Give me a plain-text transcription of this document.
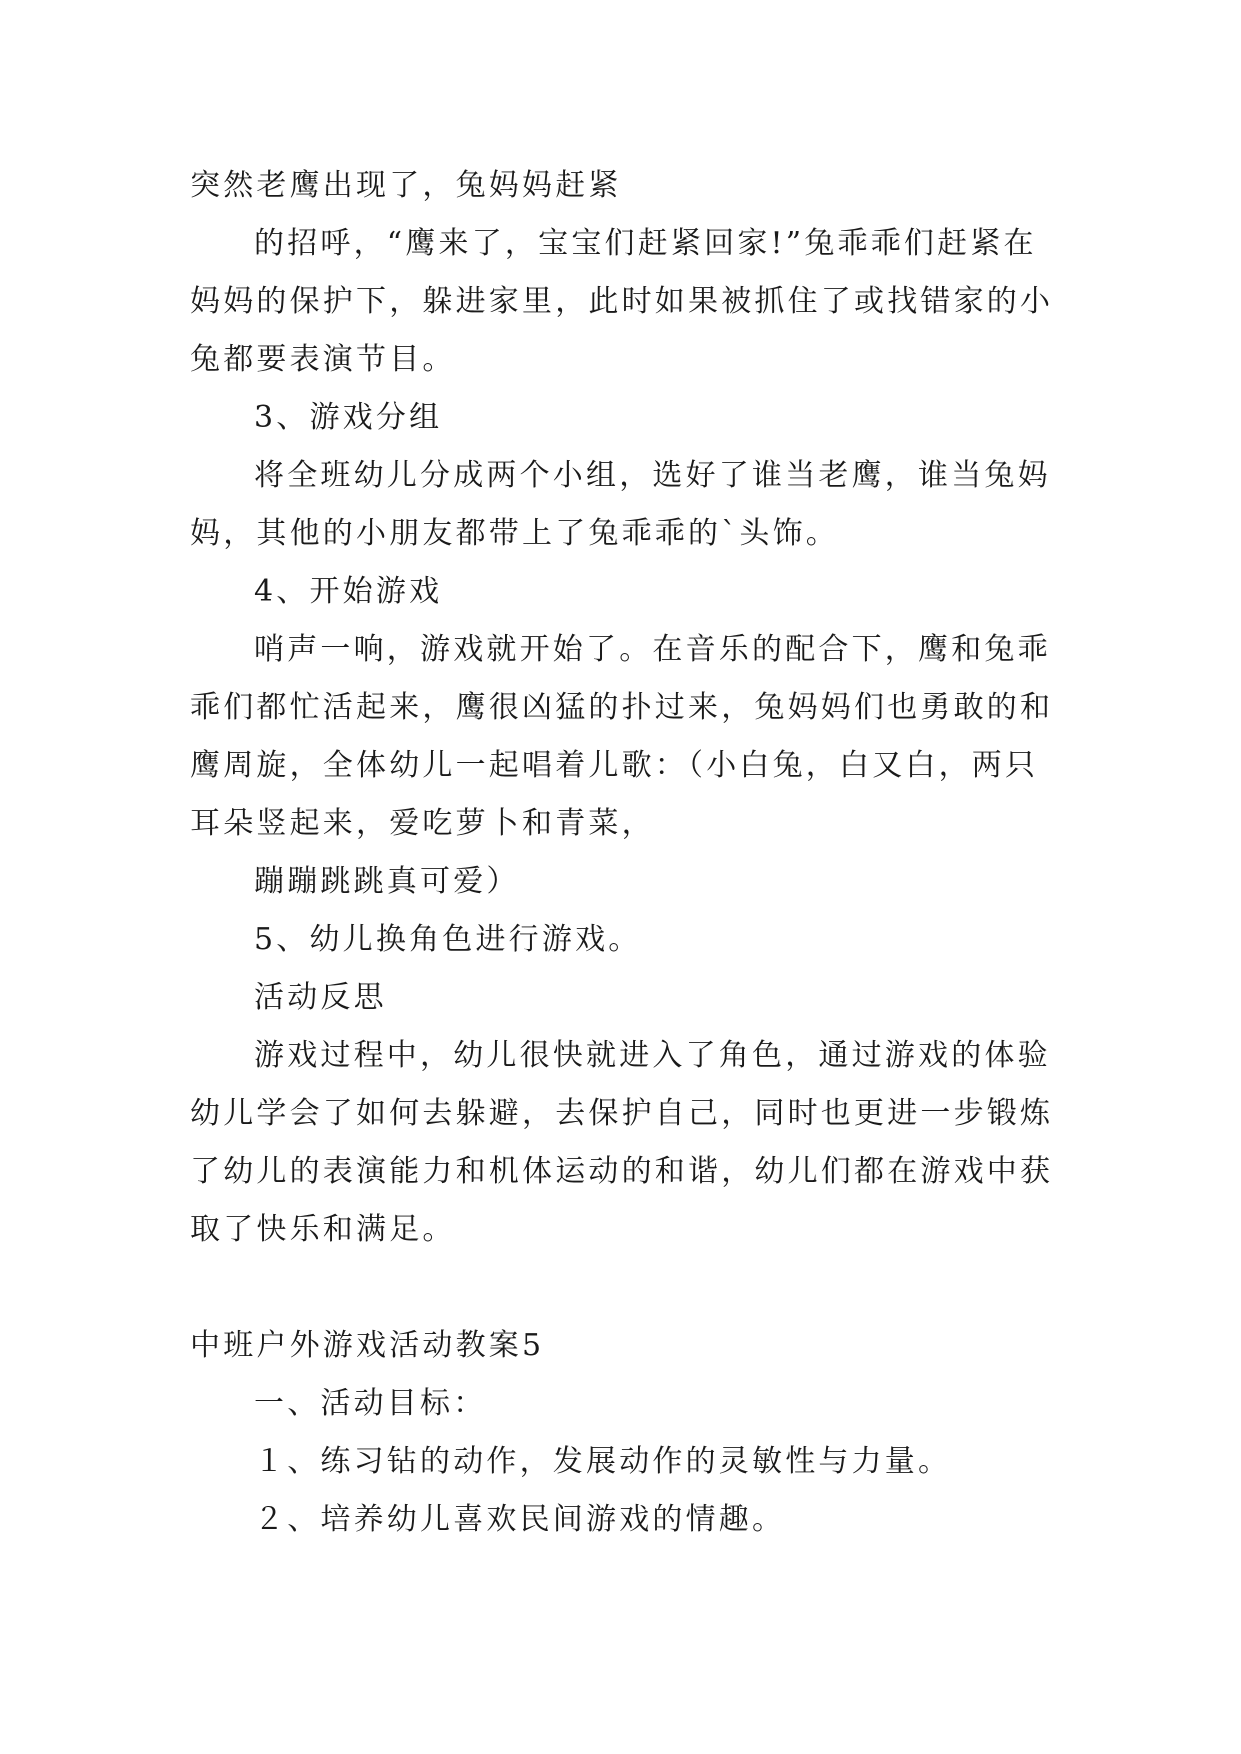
突然老鹰出现了，兔妈妈赶紧
的招呼，“鹰来了，宝宝们赶紧回家!”兔乖乖们赶紧在
妈妈的保护下，躲进家里，此时如果被抓住了或找错家的小
兔都要表演节目。
3、游戏分组
将全班幼儿分成两个小组，选好了谁当老鹰，谁当兔妈
妈，其他的小朋友都带上了兔乖乖的`头饰。
4、开始游戏
哨声一响，游戏就开始了。在音乐的配合下，鹰和兔乖
乖们都忙活起来，鹰很凶猛的扑过来，兔妈妈们也勇敢的和
鹰周旋，全体幼儿一起唱着儿歌：（小白兔，白又白，两只
耳朵竖起来，爱吃萝卜和青菜，
蹦蹦跳跳真可爱）
5、幼儿换角色进行游戏。
活动反思
游戏过程中，幼儿很快就进入了角色，通过游戏的体验
幼儿学会了如何去躲避，去保护自己，同时也更进一步锻炼
了幼儿的表演能力和机体运动的和谐，幼儿们都在游戏中获
取了快乐和满足。
中班户外游戏活动教案5
一、活动目标：
１、练习钻的动作，发展动作的灵敏性与力量。
２、培养幼儿喜欢民间游戏的情趣。
